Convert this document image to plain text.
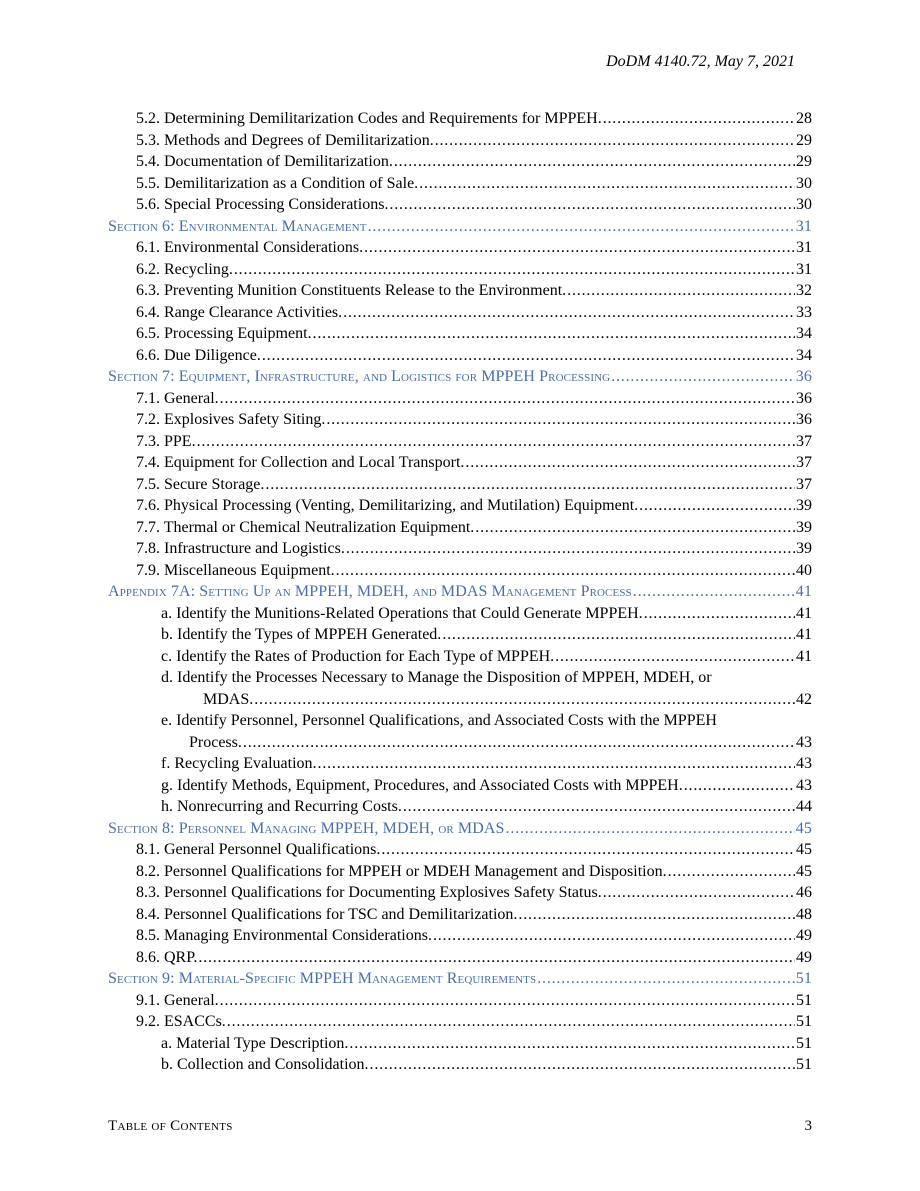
DoDM 4140.72, May 7, 2021
5.2. Determining Demilitarization Codes and Requirements for MPPEH. . . .	28
5.3. Methods and Degrees of Demilitarization. . . .	29
5.4. Documentation of Demilitarization. . . .	29
5.5. Demilitarization as a Condition of Sale. . . .	30
5.6. Special Processing Considerations. . . .	30
Section 6: Environmental Management . . .	31
6.1. Environmental Considerations. . . .	31
6.2. Recycling. . . .	31
6.3. Preventing Munition Constituents Release to the Environment. . . .	32
6.4. Range Clearance Activities. . . .	33
6.5. Processing Equipment. . . .	34
6.6. Due Diligence. . . .	34
Section 7: Equipment, Infrastructure, and Logistics for MPPEH Processing . . .	36
7.1. General. . . .	36
7.2. Explosives Safety Siting. . . .	36
7.3. PPE. . . .	37
7.4. Equipment for Collection and Local Transport. . . .	37
7.5. Secure Storage. . . .	37
7.6. Physical Processing (Venting, Demilitarizing, and Mutilation) Equipment. . . .	39
7.7. Thermal or Chemical Neutralization Equipment. . . .	39
7.8. Infrastructure and Logistics. . . .	39
7.9. Miscellaneous Equipment. . . .	40
Appendix 7A: Setting Up an MPPEH, MDEH, and MDAS Management Process . . .	41
a. Identify the Munitions-Related Operations that Could Generate MPPEH. . . .	41
b. Identify the Types of MPPEH Generated. . . .	41
c. Identify the Rates of Production for Each Type of MPPEH. . . .	41
d. Identify the Processes Necessary to Manage the Disposition of MPPEH, MDEH, or
MDAS. . . .	42
e. Identify Personnel, Personnel Qualifications, and Associated Costs with the MPPEH
Process. . . .	43
f. Recycling Evaluation. . . .	43
g. Identify Methods, Equipment, Procedures, and Associated Costs with MPPEH. . . .	43
h. Nonrecurring and Recurring Costs. . . .	44
Section 8: Personnel Managing MPPEH, MDEH, or MDAS . . .	45
8.1. General Personnel Qualifications. . . .	45
8.2. Personnel Qualifications for MPPEH or MDEH Management and Disposition. . . .	45
8.3. Personnel Qualifications for Documenting Explosives Safety Status. . . .	46
8.4. Personnel Qualifications for TSC and Demilitarization. . . .	48
8.5. Managing Environmental Considerations. . . .	49
8.6. QRP. . . .	49
Section 9: Material-Specific MPPEH Management Requirements . . .	51
9.1. General. . . .	51
9.2. ESACCs. . . .	51
a. Material Type Description. . . .	51
b. Collection and Consolidation. . . .	51
Table of Contents	3
